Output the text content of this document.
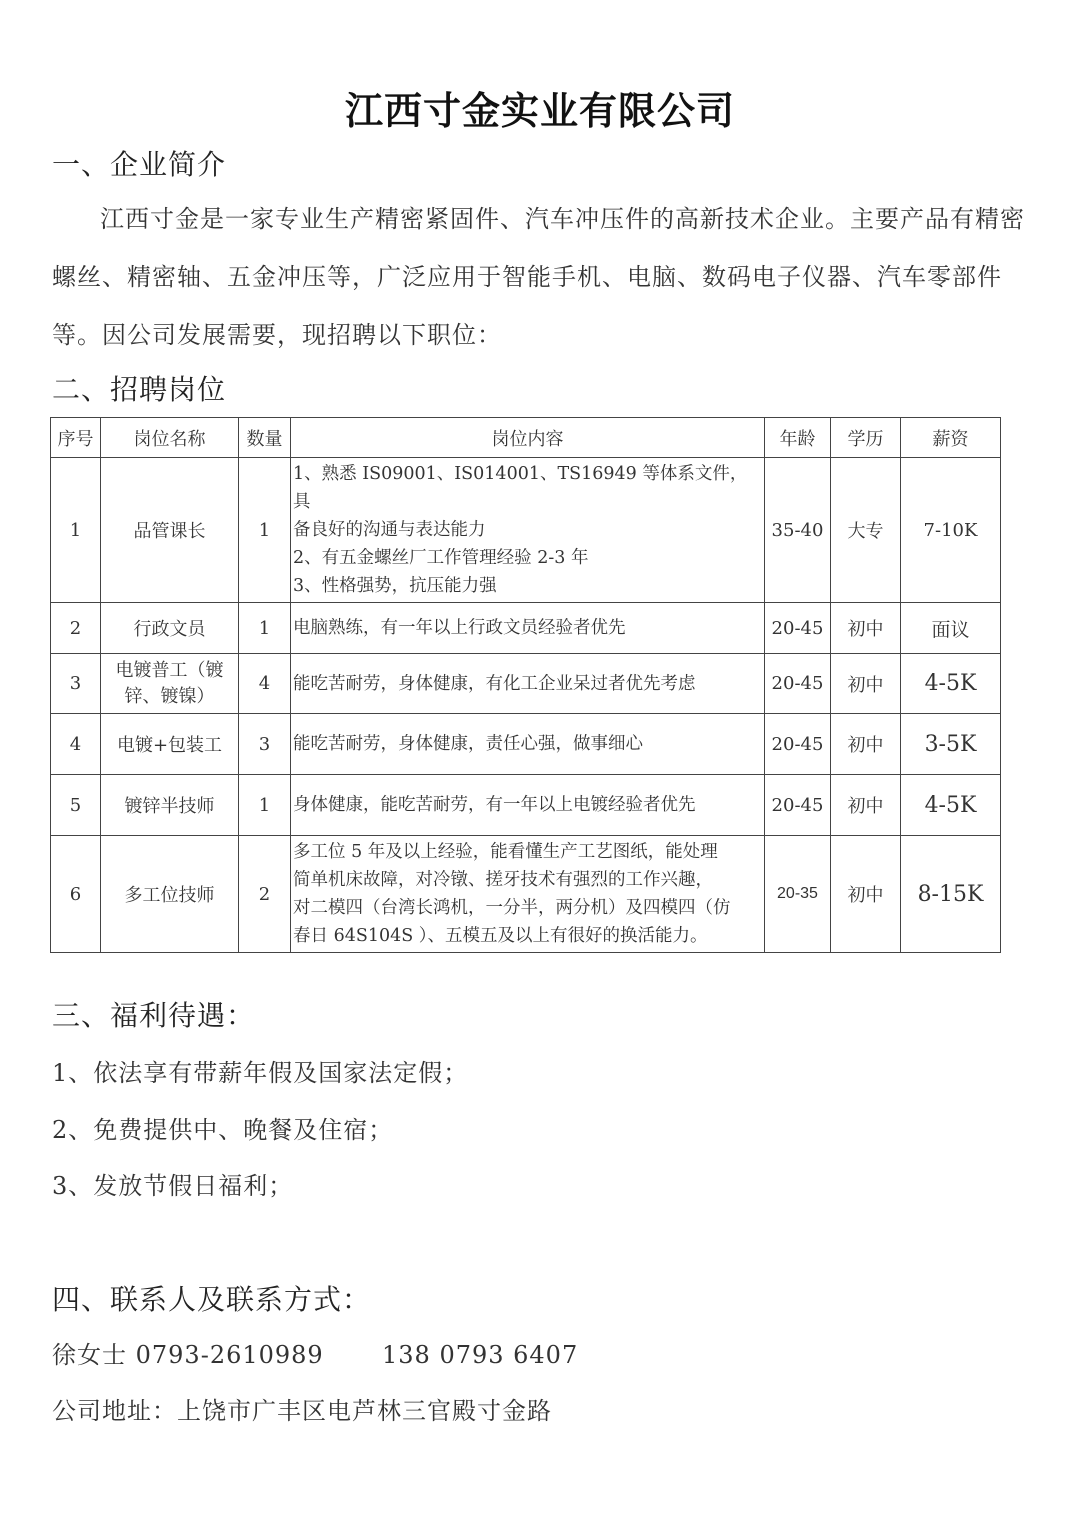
江西寸金实业有限公司
一、企业简介

江西寸金是一家专业生产精密紧固件、汽车冲压件的高新技术企业。主要产品有精密螺丝、精密轴、五金冲压等，广泛应用于智能手机、电脑、数码电子仪器、汽车零部件等。因公司发展需要，现招聘以下职位：

二、招聘岗位
序号	岗位名称	数量	岗位内容	年龄	学历	薪资
1	品管课长	1	1、熟悉 IS09001、IS014001、TS16949 等体系文件，具
备良好的沟通与表达能力
2、有五金螺丝厂工作管理经验 2-3 年
3、性格强势，抗压能力强	35-40	大专	7-10K
2	行政文员	1	电脑熟练，有一年以上行政文员经验者优先	20-45	初中	面议
3	电镀普工（镀锌、镀镍）	4	能吃苦耐劳，身体健康，有化工企业呆过者优先考虑	20-45	初中	4-5K
4	电镀+包装工	3	能吃苦耐劳，身体健康，责任心强，做事细心	20-45	初中	3-5K
5	镀锌半技师	1	身体健康，能吃苦耐劳，有一年以上电镀经验者优先	20-45	初中	4-5K
6	多工位技师	2	多工位 5 年及以上经验，能看懂生产工艺图纸，能处理
简单机床故障，对冷镦、搓牙技术有强烈的工作兴趣，
对二模四（台湾长鸿机，一分半，两分机）及四模四（仿
春日 64S104S ）、五模五及以上有很好的换活能力。	20-35	初中	8-15K
三、福利待遇：
1、依法享有带薪年假及国家法定假；
2、免费提供中、晚餐及住宿；
3、发放节假日福利；
四、联系人及联系方式：
徐女士 0793-2610989 138 0793 6407
公司地址：上饶市广丰区电芦林三官殿寸金路
